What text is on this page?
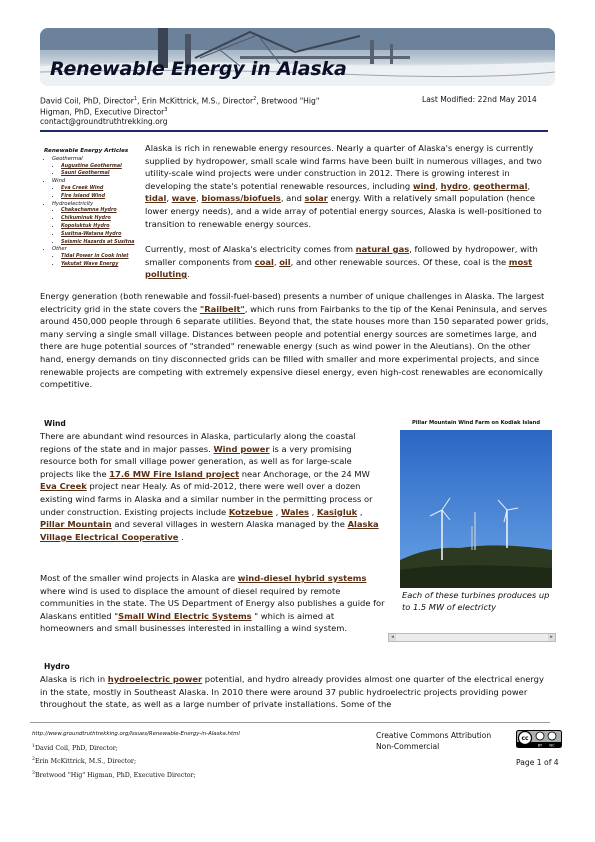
Renewable Energy in Alaska
David Coil, PhD, Director$^1$, Erin McKittrick, M.S., Director$^2$, Bretwood "Hig"
Higman, PhD, Executive Director$^3$
contact@groundtruthtrekking.org
Last Modified: 22nd May 2014
Renewable Energy Articles
• Geothermal
• Augustine Geothermal
• Sauni Geothermal
• Wind
• Eva Creek Wind
• Fire Island Wind
• Hydroelectricity
• Chakachamna Hydro
• Chikuminuk Hydro
• Kopoluktuk Hydro
• Susitna-Watana Hydro
• Seismic Hazards at Susitna
• Other
• Tidal Power in Cook Inlet
• Yakutat Wave Energy

Alaska is rich in renewable energy resources. Nearly a quarter of Alaska's energy is currently supplied by hydropower, small scale wind farms have been built in numerous villages, and two utility-scale wind projects were under construction in 2012. There is growing interest in developing the state's potential renewable resources, including wind, hydro, geothermal, tidal, wave, biomass/biofuels, and solar energy. With a relatively small population (hence lower energy needs), and a wide array of potential energy sources, Alaska is well-positioned to transition to renewable energy sources.

Currently, most of Alaska's electricity comes from natural gas, followed by hydropower, with smaller components from coal, oil, and other renewable sources. Of these, coal is the most polluting.

Energy generation (both renewable and fossil-fuel-based) presents a number of unique challenges in Alaska. The largest electricity grid in the state covers the "Railbelt", which runs from Fairbanks to the tip of the Kenai Peninsula, and serves around 450,000 people through 6 separate utilities. Beyond that, the state houses more than 150 separated power grids, many serving a single small village. Distances between people and potential energy sources are sometimes large, and there are huge potential sources of "stranded" renewable energy (such as wind power in the Aleutians). On the other hand, energy demands on tiny disconnected grids can be filled with smaller and more experimental projects, and since renewable projects are competing with extremely expensive diesel energy, even high-cost renewables are economically competitive.

Wind

There are abundant wind resources in Alaska, particularly along the coastal regions of the state and in major passes. Wind power is a very promising resource both for small village power generation, as well as for large-scale projects like the 17.6 MW Fire Island project near Anchorage, or the 24 MW Eva Creek project near Healy. As of mid-2012, there were well over a dozen existing wind farms in Alaska and a similar number in the permitting process or under construction. Existing projects include Kotzebue , Wales , Kasigluk , Pillar Mountain and several villages in western Alaska managed by the Alaska Village Electrical Cooperative .

Most of the smaller wind projects in Alaska are wind-diesel hybrid systems where wind is used to displace the amount of diesel required by remote communities in the state. The US Department of Energy also publishes a guide for Alaskans entitled "Small Wind Electric Systems " which is aimed at homeowners and small businesses interested in installing a wind system.

Pillar Mountain Wind Farm on Kodiak Island
Each of these turbines produces up to 1.5 MW of electricty
◂	▸
Hydro

Alaska is rich in hydroelectric power potential, and hydro already provides almost one quarter of the electrical energy in the state, mostly in Southeast Alaska. In 2010 there were around 37 public hydroelectric projects providing power throughout the state, as well as a large number of private installations. Some of the

http://www.groundtruthtrekking.org/Issues/Renewable-Energy-in-Alaska.html
$^1$David Coil, PhD, Director;
$^2$Erin McKittrick, M.S., Director;
$^3$Bretwood "Hig" Higman, PhD, Executive Director;
Creative Commons Attribution
Non-Commercial
cc
BY NC
Page 1 of 4
